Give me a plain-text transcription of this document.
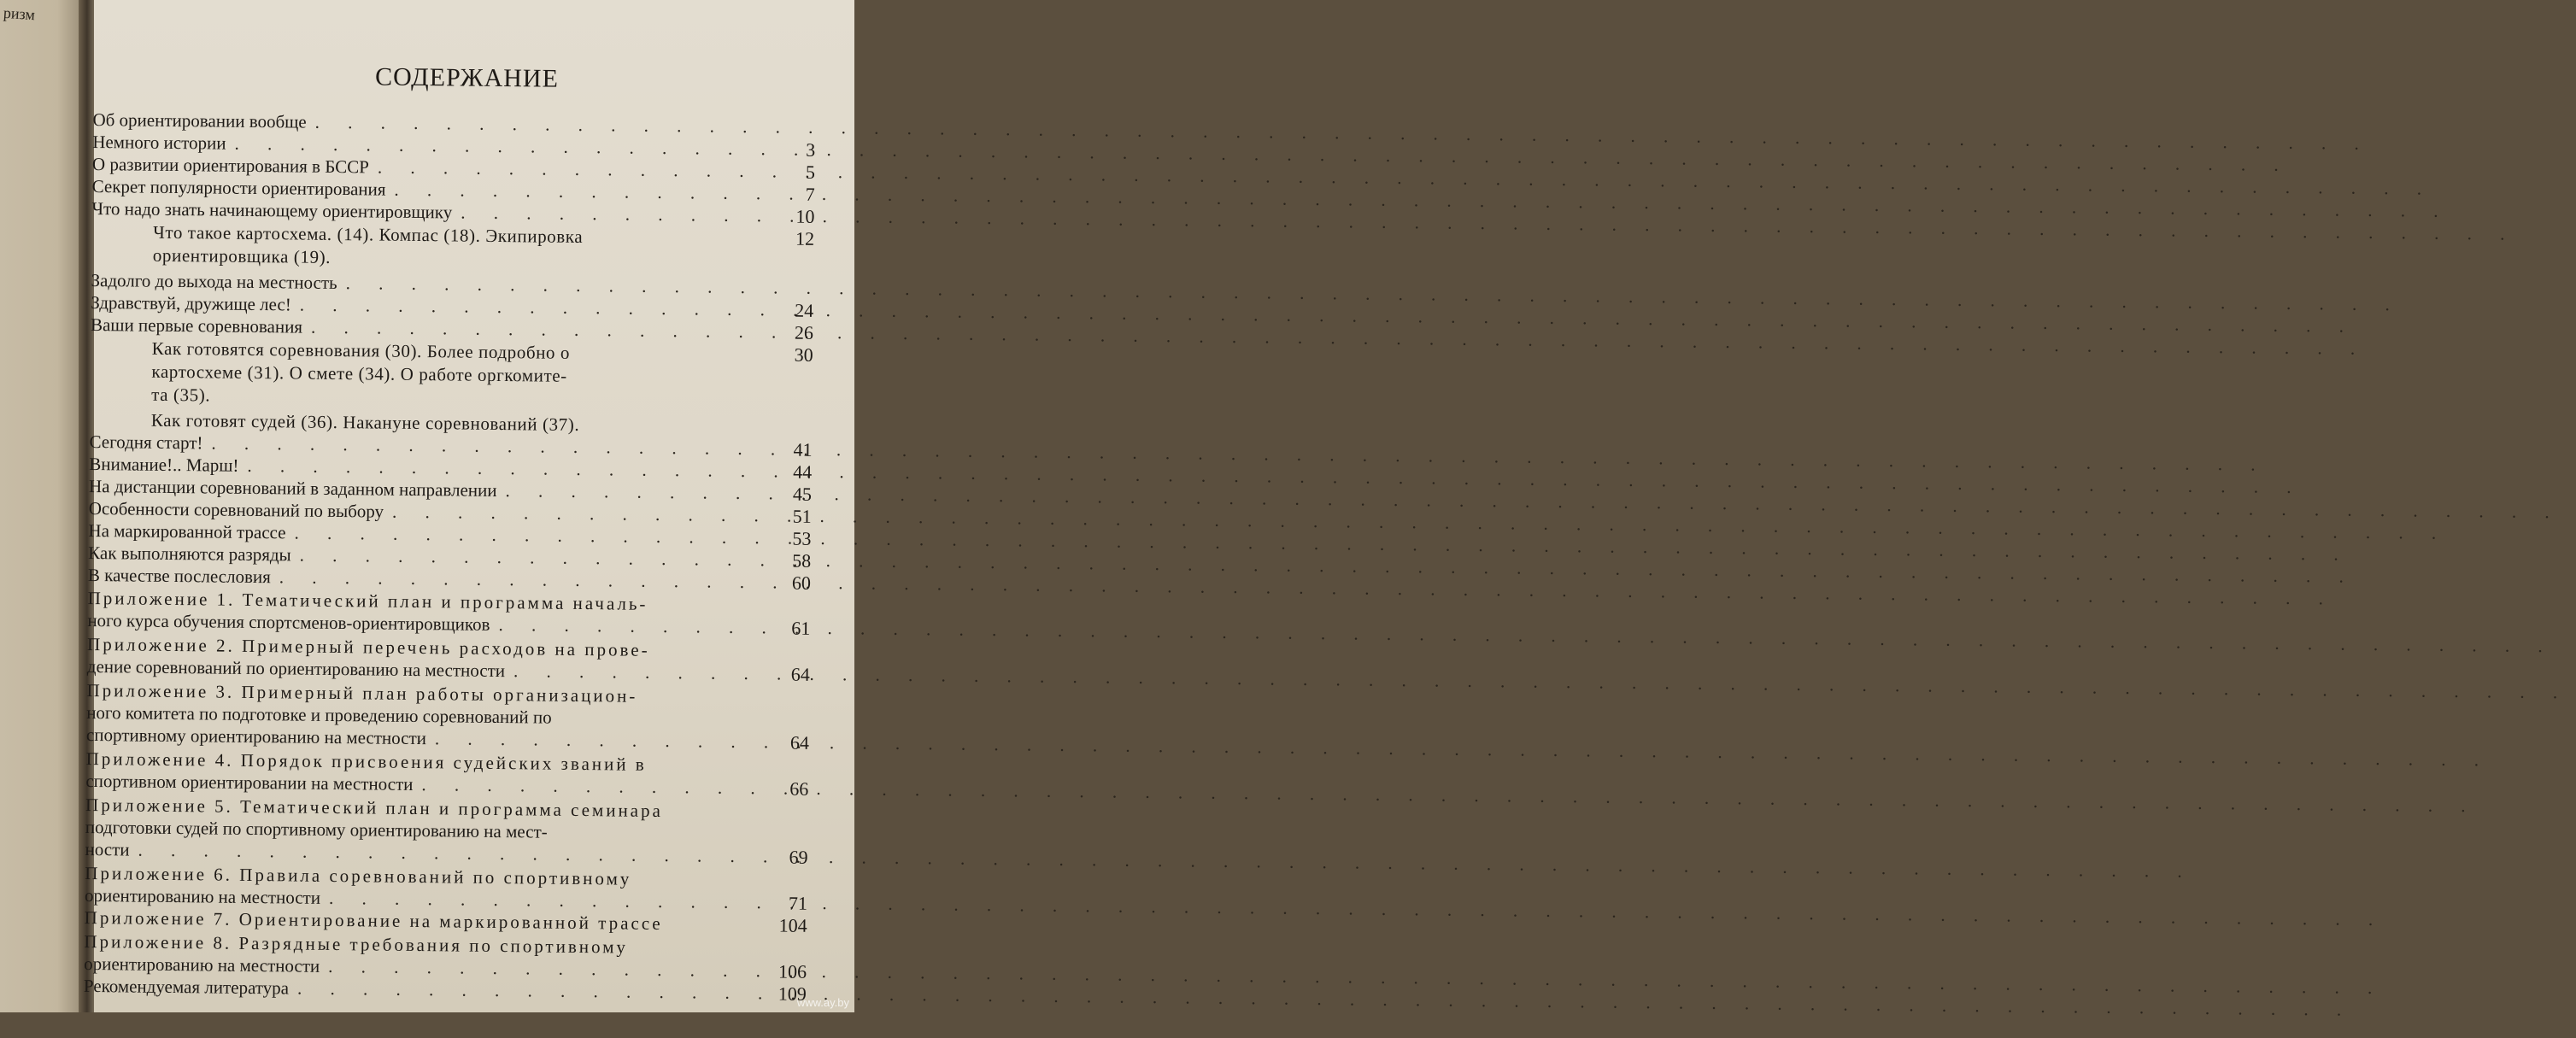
ризм
СОДЕРЖАНИЕ
Об ориентировании вообще
. . .
Немного истории . . .	3
О развитии ориентирования в БССР . . .	5
Секрет популярности ориентирования . . .	7
Что надо знать начинающему ориентировщику . . .	10
Что такое картосхема. (14). Компас (18). Экипировка	12
ориентировщика (19).
Задолго до выхода на местность
. . .
Здравствуй, дружище лес! . . .	24
Ваши первые соревнования . . .	26
Как готовятся соревнования (30). Более подробно о	30
картосхеме (31). О смете (34). О работе оргкомите-
та (35).
Как готовят судей (36). Накануне соревнований (37).
Сегодня старт! . . .	41
Внимание!.. Марш! . . .	44
На дистанции соревнований в заданном направлении . . .	45
Особенности соревнований по выбору . . .	51
На маркированной трассе . . .	53
Как выполняются разряды . . .	58
В качестве послесловия . . .	60
Приложение 1. Тематический план и программа началь-
ного курса обучения спортсменов-ориентировщиков . . .	61
Приложение 2. Примерный перечень расходов на прове-
дение соревнований по ориентированию на местности . . .	64
Приложение 3. Примерный план работы организацион-
ного комитета по подготовке и проведению соревнований по
спортивному ориентированию на местности . . .	64
Приложение 4. Порядок присвоения судейских званий в
спортивном ориентировании на местности . . .	66
Приложение 5. Тематический план и программа семинара
подготовки судей по спортивному ориентированию на мест-
ности . . .	69
Приложение 6. Правила соревнований по спортивному
ориентированию на местности . . .	71
Приложение 7. Ориентирование на маркированной трассе	104
Приложение 8. Разрядные требования по спортивному
ориентированию на местности . . .	106
Рекомендуемая литература . . .	109
www.ay.by
